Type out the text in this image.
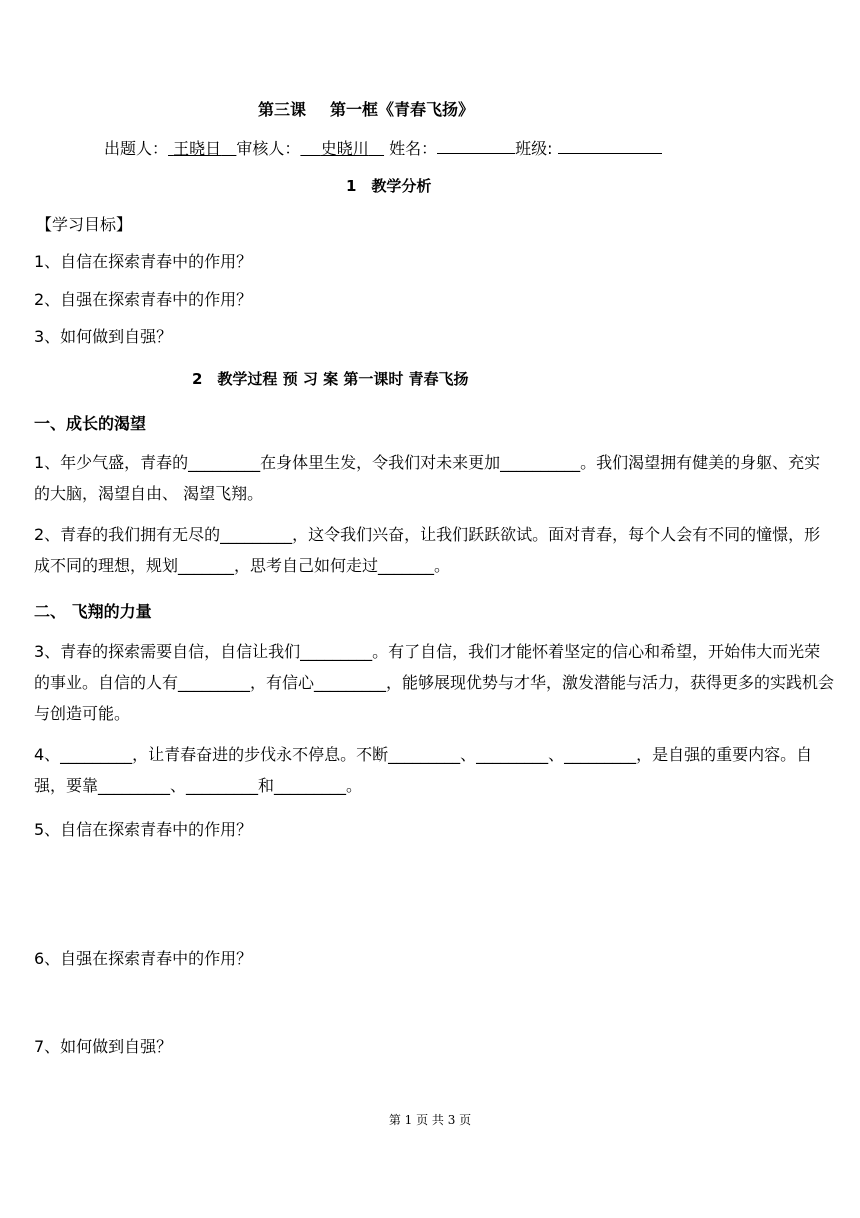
第三课 第一框《青春飞扬》
出题人： 王晓日 审核人： 史晓川 姓名：	班级:
1　教学分析
【学习目标】
1、自信在探索青春中的作用？
2、自强在探索青春中的作用？
3、如何做到自强？
2　教学过程 预 习 案 第一课时 青春飞扬
一、成长的渴望
1、年少气盛，青春的_________在身体里生发，令我们对未来更加__________。我们渴望拥有健美的身躯、充实的大脑，渴望自由、 渴望飞翔。
2、青春的我们拥有无尽的_________，这令我们兴奋，让我们跃跃欲试。面对青春，每个人会有不同的憧憬，形成不同的理想，规划_______，思考自己如何走过_______。
二、 飞翔的力量
3、青春的探索需要自信，自信让我们_________。有了自信，我们才能怀着坚定的信心和希望，开始伟大而光荣的事业。自信的人有_________，有信心_________，能够展现优势与才华，激发潜能与活力，获得更多的实践机会与创造可能。
4、_________，让青春奋进的步伐永不停息。不断_________、_________、_________，是自强的重要内容。自强，要靠_________、_________和_________。
5、自信在探索青春中的作用？
6、自强在探索青春中的作用？
7、如何做到自强？
第 1 页 共 3 页
